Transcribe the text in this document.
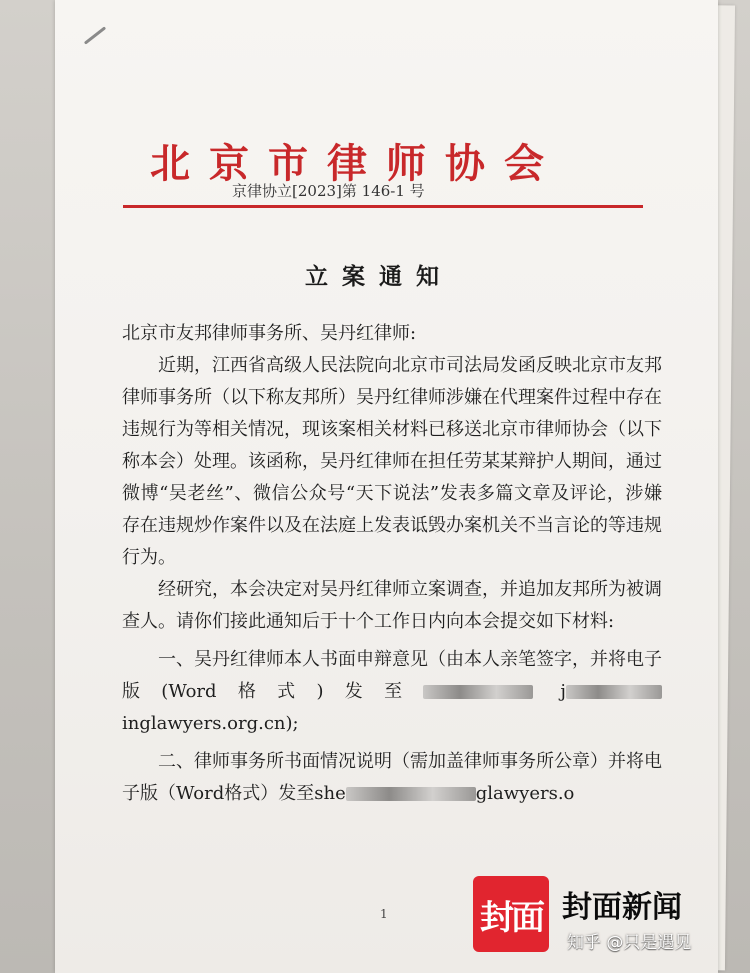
北京市律师协会
京律协立[2023]第 146-1 号
立案通知

北京市友邦律师事务所、吴丹红律师:

近期，江西省高级人民法院向北京市司法局发函反映北京市友邦律师事务所（以下称友邦所）吴丹红律师涉嫌在代理案件过程中存在违规行为等相关情况，现该案相关材料已移送北京市律师协会（以下称本会）处理。该函称，吴丹红律师在担任劳某某辩护人期间，通过微博“吴老丝”、微信公众号“天下说法”发表多篇文章及评论，涉嫌存在违规炒作案件以及在法庭上发表诋毁办案机关不当言论的等违规行为。

经研究，本会决定对吴丹红律师立案调查，并追加友邦所为被调查人。请你们接此通知后于十个工作日内向本会提交如下材料:

一、吴丹红律师本人书面申辩意见（由本人亲笔签字，并将电子版(Word格式)发至	jinglawyers.org.cn);

二、律师事务所书面情况说明（需加盖律师事务所公章）并将电子版（Word格式）发至she	glawyers.o

1	封面 封面新闻
知乎 @只是遇见
